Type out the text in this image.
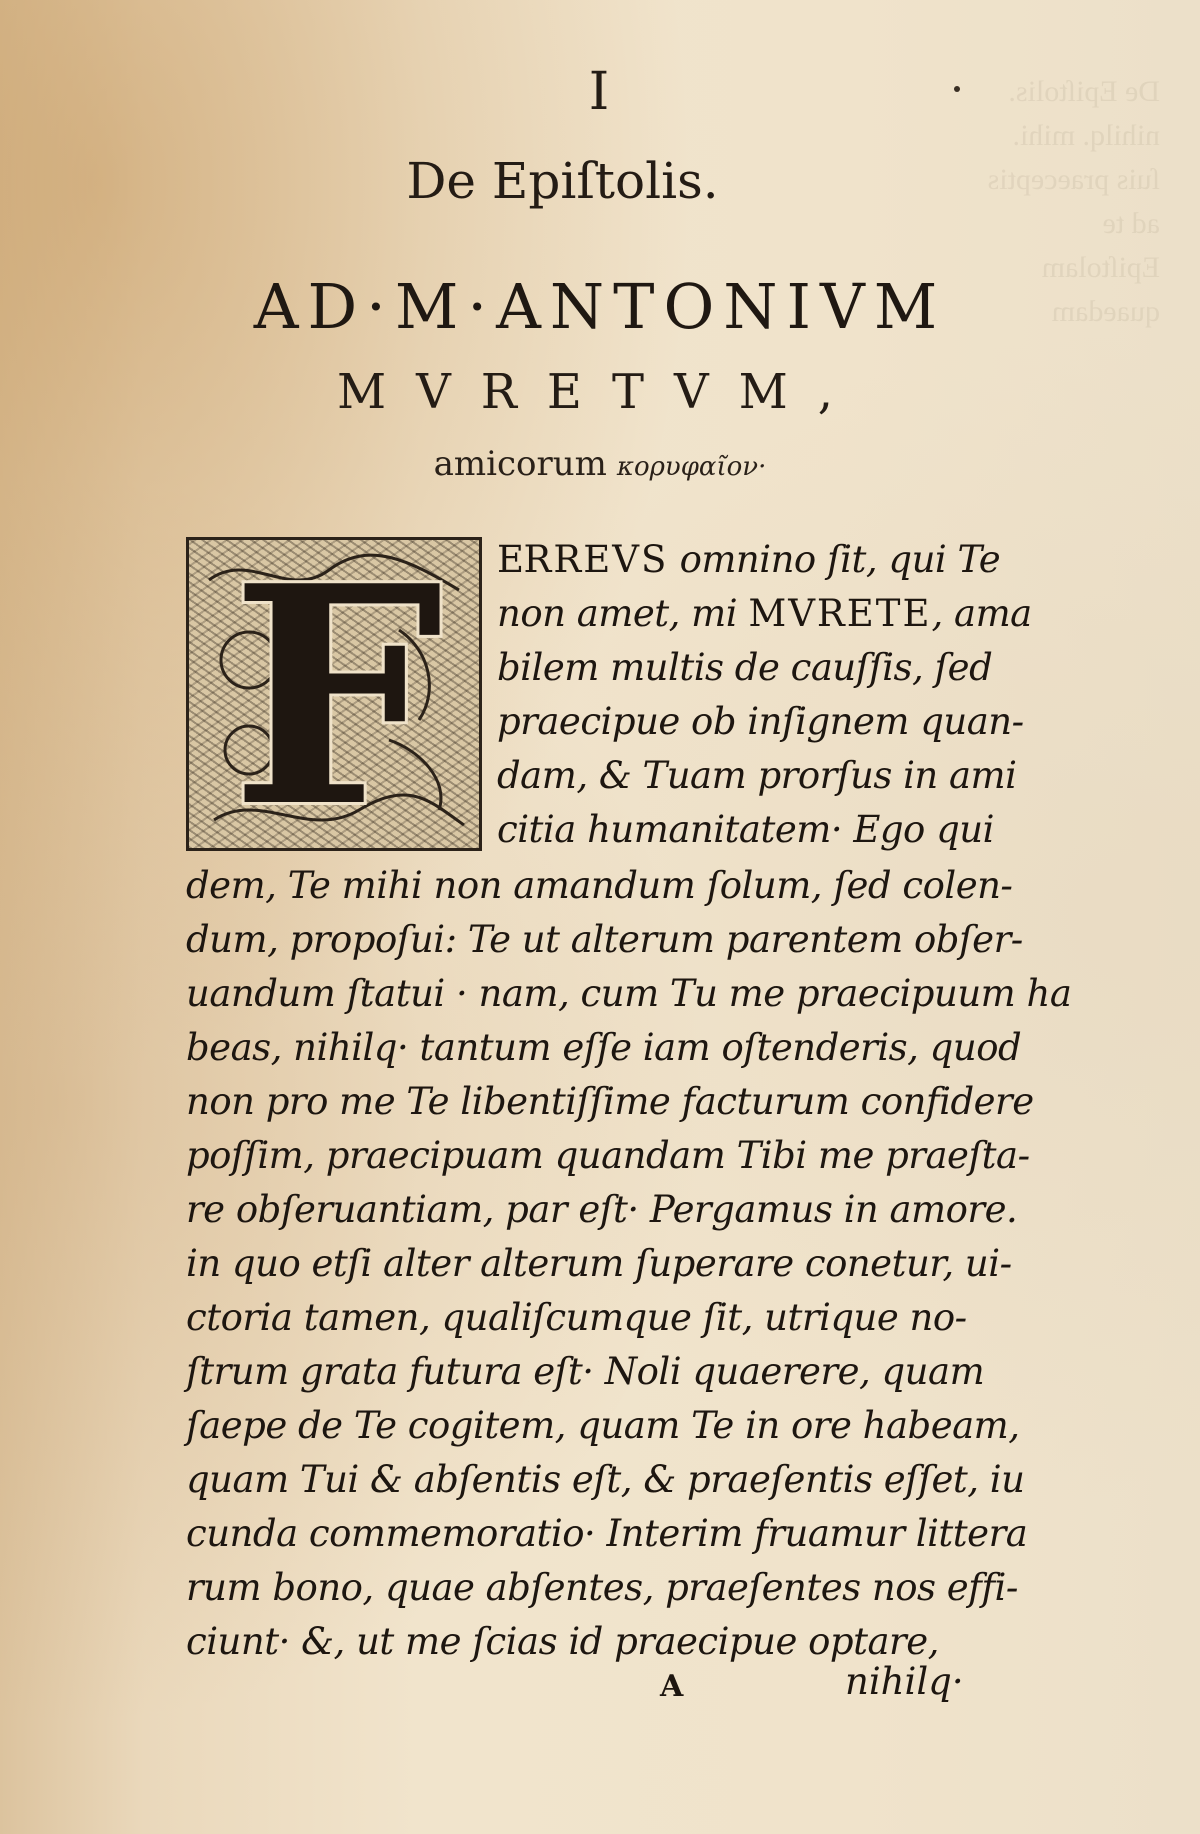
De Epiſtolis.
nihilq. mihi.
ſuis praeceptis
ad te
Epiſtolam
quaedam
I
De Epiſtolis.
AD·M·ANTONIVM
MVRETVM,
amicorum κορυφαῖον·
F	ERREVS omnino ſit, qui Te
non amet, mi MVRETE, ama
bilem multis de cauſſis, ſed
praecipue ob inſignem quan-
dam, & Tuam prorſus in ami
citia humanitatem· Ego qui
dem, Te mihi non amandum ſolum, ſed colen-
dum, propoſui: Te ut alterum parentem obſer-
uandum ſtatui · nam, cum Tu me praecipuum ha
beas, nihilq· tantum eſſe iam oſtenderis, quod
non pro me Te libentiſſime facturum confidere
poſſim, praecipuam quandam Tibi me praeſta-
re obſeruantiam, par eſt· Pergamus in amore.
in quo etſi alter alterum ſuperare conetur, ui-
ctoria tamen, qualiſcumque ſit, utrique no-
ſtrum grata futura eſt· Noli quaerere, quam
ſaepe de Te cogitem, quam Te in ore habeam,
quam Tui & abſentis eſt, & praeſentis eſſet, iu
cunda commemoratio· Interim fruamur littera
rum bono, quae abſentes, praeſentes nos effi-
ciunt· &, ut me ſcias id praecipue optare,
A	nihilq·
